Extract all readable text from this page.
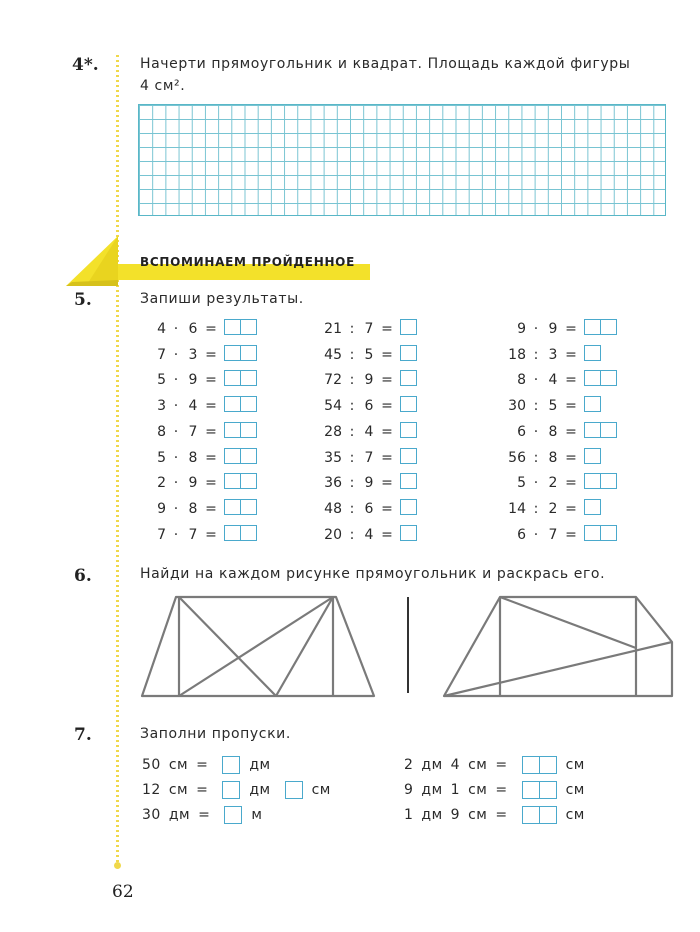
4*.	Начерти прямоугольник и квадрат. Площадь каждой фигуры
4 см².
ВСПОМИНАЕМ ПРОЙДЕННОЕ
5.	Запиши результаты.
4 · 6 =
7 · 3 =
5 · 9 =
3 · 4 =
8 · 7 =
5 · 8 =
2 · 9 =
9 · 8 =
7 · 7 =
21 : 7 =
45 : 5 =
72 : 9 =
54 : 6 =
28 : 4 =
35 : 7 =
36 : 9 =
48 : 6 =
20 : 4 =
9 · 9 =
18 : 3 =
8 · 4 =
30 : 5 =
6 · 8 =
56 : 8 =
5 · 2 =
14 : 2 =
6 · 7 =
6.	Найди на каждом рисунке прямоугольник и раскрась его.
7.	Заполни пропуски.
50 см =	дм
12 см =	дм	см
30 дм =	м
2 дм 4 см =	см
9 дм 1 см =	см
1 дм 9 см =	см
62
